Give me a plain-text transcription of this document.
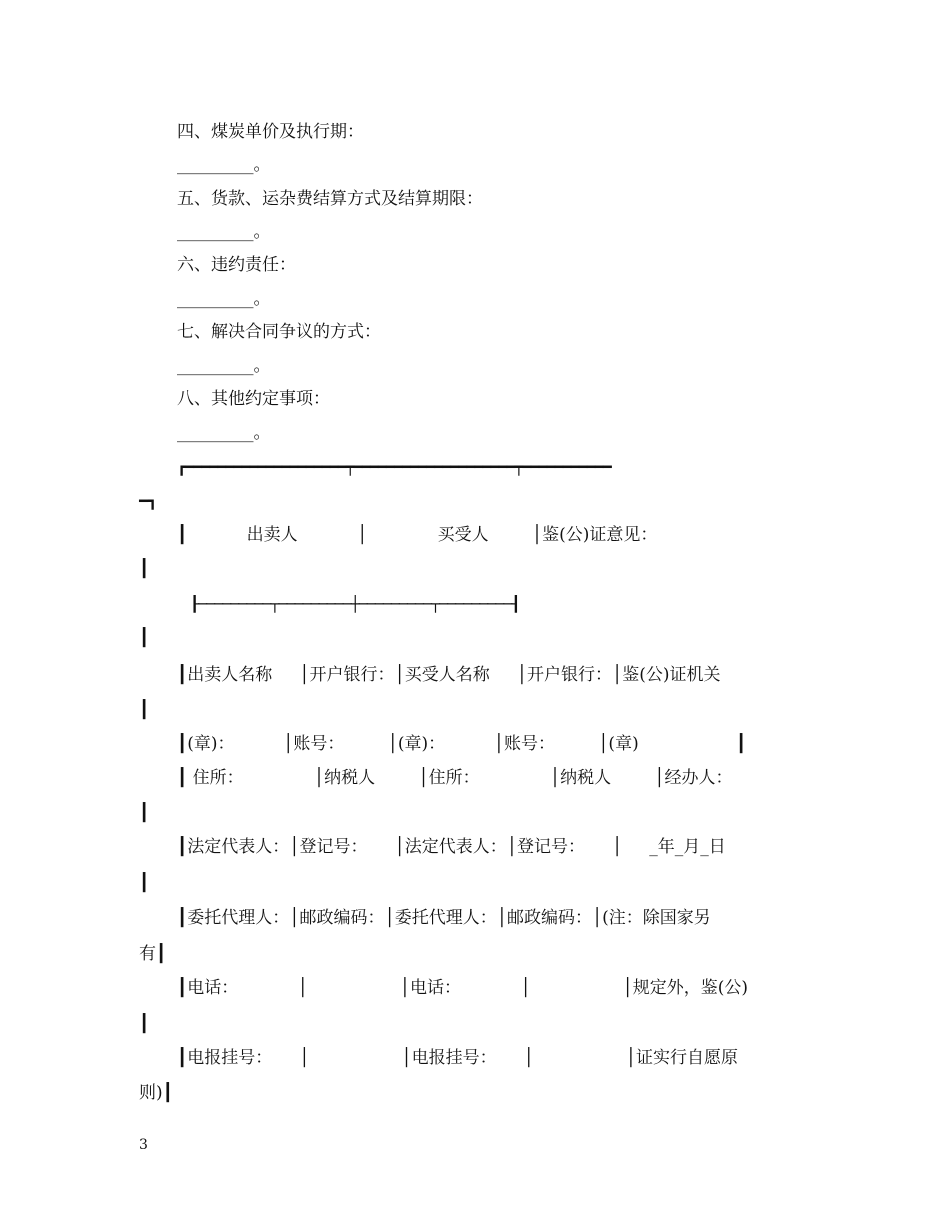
四、煤炭单价及执行期：
_________。
五、货款、运杂费结算方式及结算期限：
_________。
六、违约责任：
_________。
七、解决合同争议的方式：
_________。
八、其他约定事项：
_________。
┏━━━━━━━━━━━━━━━━━━━━┯━━━━━━━━━━━━━━━━━━━━┯━━━━━━━━━━━
━┓
┃           出卖人           │             买受人        │鉴(公)证意见：
┃
┠─────────┬─────────┼─────────┬─────────┨
┃
┃出卖人名称     │开户银行：│买受人名称     │开户银行：│鉴(公)证机关
┃
┃(章)：         │账号：        │(章)：         │账号：        │(章)                  ┃
┃ 住所：             │纳税人        │住所：             │纳税人        │经办人：
┃
┃法定代表人：│登记号：     │法定代表人：│登记号：     │     _年_月_日
┃
┃委托代理人：│邮政编码：│委托代理人：│邮政编码：│(注：除国家另
有┃
┃电话：           │                 │电话：           │                 │规定外，鉴(公)
┃
┃电报挂号：     │                 │电报挂号：     │                 │证实行自愿原
则)┃
3
